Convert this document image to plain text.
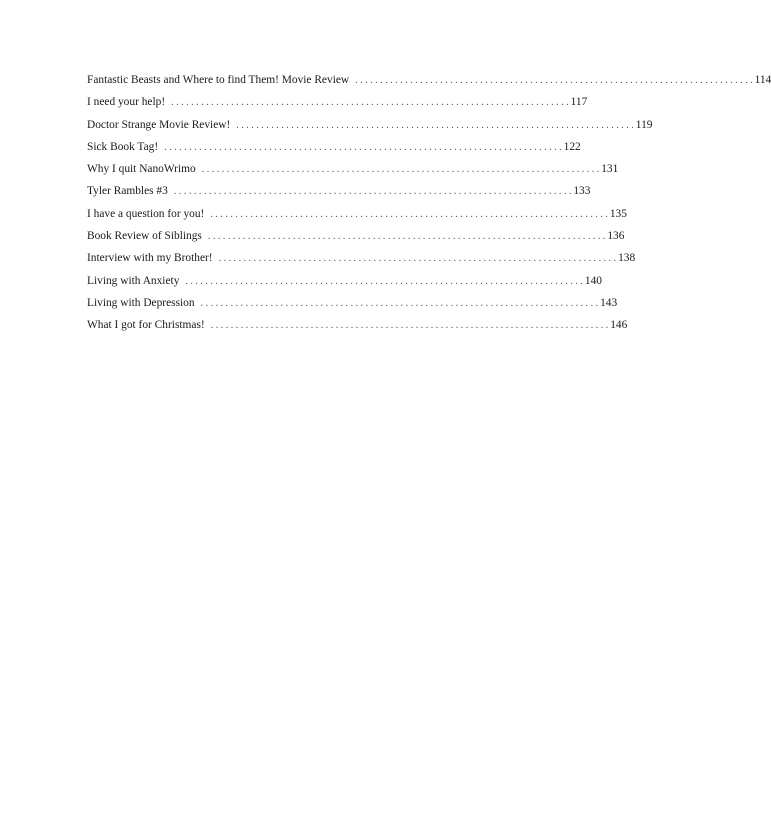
Fantastic Beasts and Where to find Them! Movie Review . . . . . . . . . . . . . . . . . . . . . . . . . . . . . . . . . . . . . . . . . . . . . . . . . . . . . . . . . . . . . . . . . . . . . . . . . . . . . . . . 114
I need your help! . . . . . . . . . . . . . . . . . . . . . . . . . . . . . . . . . . . . . . . . . . . . . . . . . . . . . . . . . . . . . . . . . . . . . . . . . . . . . . . . 117
Doctor Strange Movie Review! . . . . . . . . . . . . . . . . . . . . . . . . . . . . . . . . . . . . . . . . . . . . . . . . . . . . . . . . . . . . . . . . . . . . . . . . . . . . . . . . 119
Sick Book Tag! . . . . . . . . . . . . . . . . . . . . . . . . . . . . . . . . . . . . . . . . . . . . . . . . . . . . . . . . . . . . . . . . . . . . . . . . . . . . . . . . 122
Why I quit NanoWrimo . . . . . . . . . . . . . . . . . . . . . . . . . . . . . . . . . . . . . . . . . . . . . . . . . . . . . . . . . . . . . . . . . . . . . . . . . . . . . . . . 131
Tyler Rambles #3 . . . . . . . . . . . . . . . . . . . . . . . . . . . . . . . . . . . . . . . . . . . . . . . . . . . . . . . . . . . . . . . . . . . . . . . . . . . . . . . . 133
I have a question for you! . . . . . . . . . . . . . . . . . . . . . . . . . . . . . . . . . . . . . . . . . . . . . . . . . . . . . . . . . . . . . . . . . . . . . . . . . . . . . . . . 135
Book Review of Siblings . . . . . . . . . . . . . . . . . . . . . . . . . . . . . . . . . . . . . . . . . . . . . . . . . . . . . . . . . . . . . . . . . . . . . . . . . . . . . . . . 136
Interview with my Brother! . . . . . . . . . . . . . . . . . . . . . . . . . . . . . . . . . . . . . . . . . . . . . . . . . . . . . . . . . . . . . . . . . . . . . . . . . . . . . . . . 138
Living with Anxiety . . . . . . . . . . . . . . . . . . . . . . . . . . . . . . . . . . . . . . . . . . . . . . . . . . . . . . . . . . . . . . . . . . . . . . . . . . . . . . . . 140
Living with Depression . . . . . . . . . . . . . . . . . . . . . . . . . . . . . . . . . . . . . . . . . . . . . . . . . . . . . . . . . . . . . . . . . . . . . . . . . . . . . . . . 143
What I got for Christmas! . . . . . . . . . . . . . . . . . . . . . . . . . . . . . . . . . . . . . . . . . . . . . . . . . . . . . . . . . . . . . . . . . . . . . . . . . . . . . . . . 146
